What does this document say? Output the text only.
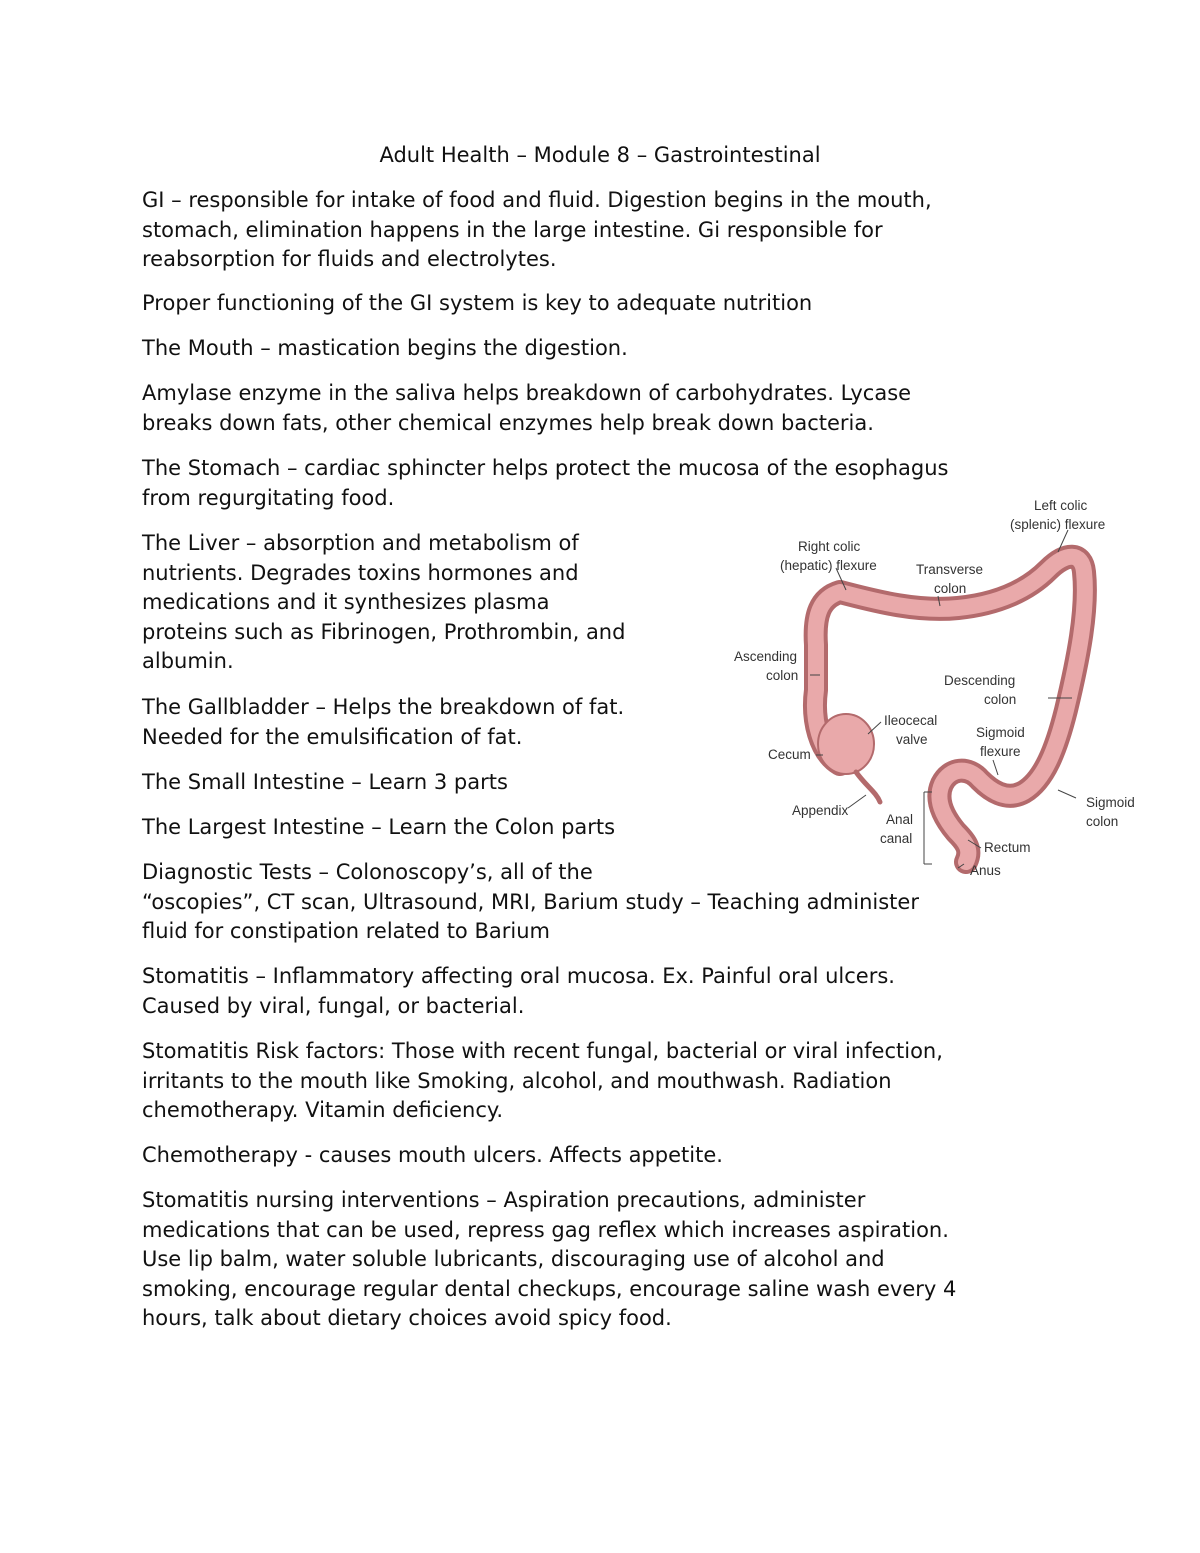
Adult Health – Module 8 – Gastrointestinal

GI – responsible for intake of food and fluid. Digestion begins in the mouth,
stomach, elimination happens in the large intestine. Gi responsible for
reabsorption for fluids and electrolytes.

Proper functioning of the GI system is key to adequate nutrition

The Mouth – mastication begins the digestion.

Amylase enzyme in the saliva helps breakdown of carbohydrates. Lycase
breaks down fats, other chemical enzymes help break down bacteria.

The Stomach – cardiac sphincter helps protect the mucosa of the esophagus
from regurgitating food.

The Liver – absorption and metabolism of
nutrients. Degrades toxins hormones and
medications and it synthesizes plasma
proteins such as Fibrinogen, Prothrombin, and
albumin.

The Gallbladder – Helps the breakdown of fat.
Needed for the emulsification of fat.

The Small Intestine – Learn 3 parts

The Largest Intestine – Learn the Colon parts

Diagnostic Tests – Colonoscopy’s, all of the
“oscopies”, CT scan, Ultrasound, MRI, Barium study – Teaching administer
fluid for constipation related to Barium

Stomatitis – Inflammatory affecting oral mucosa. Ex. Painful oral ulcers.
Caused by viral, fungal, or bacterial.

Stomatitis Risk factors: Those with recent fungal, bacterial or viral infection,
irritants to the mouth like Smoking, alcohol, and mouthwash. Radiation
chemotherapy. Vitamin deficiency.

Chemotherapy - causes mouth ulcers. Affects appetite.

Stomatitis nursing interventions – Aspiration precautions, administer
medications that can be used, repress gag reflex which increases aspiration.
Use lip balm, water soluble lubricants, discouraging use of alcohol and
smoking, encourage regular dental checkups, encourage saline wash every 4
hours, talk about dietary choices avoid spicy food.

Left colic
(splenic) flexure
Right colic
(hepatic) flexure	Transverse
colon
Ascending
colon	Descending
colon
Ileocecal
valve	Sigmoid
flexure
Cecum
Appendix
Sigmoid
colon
Anal
canal
Rectum
Anus
